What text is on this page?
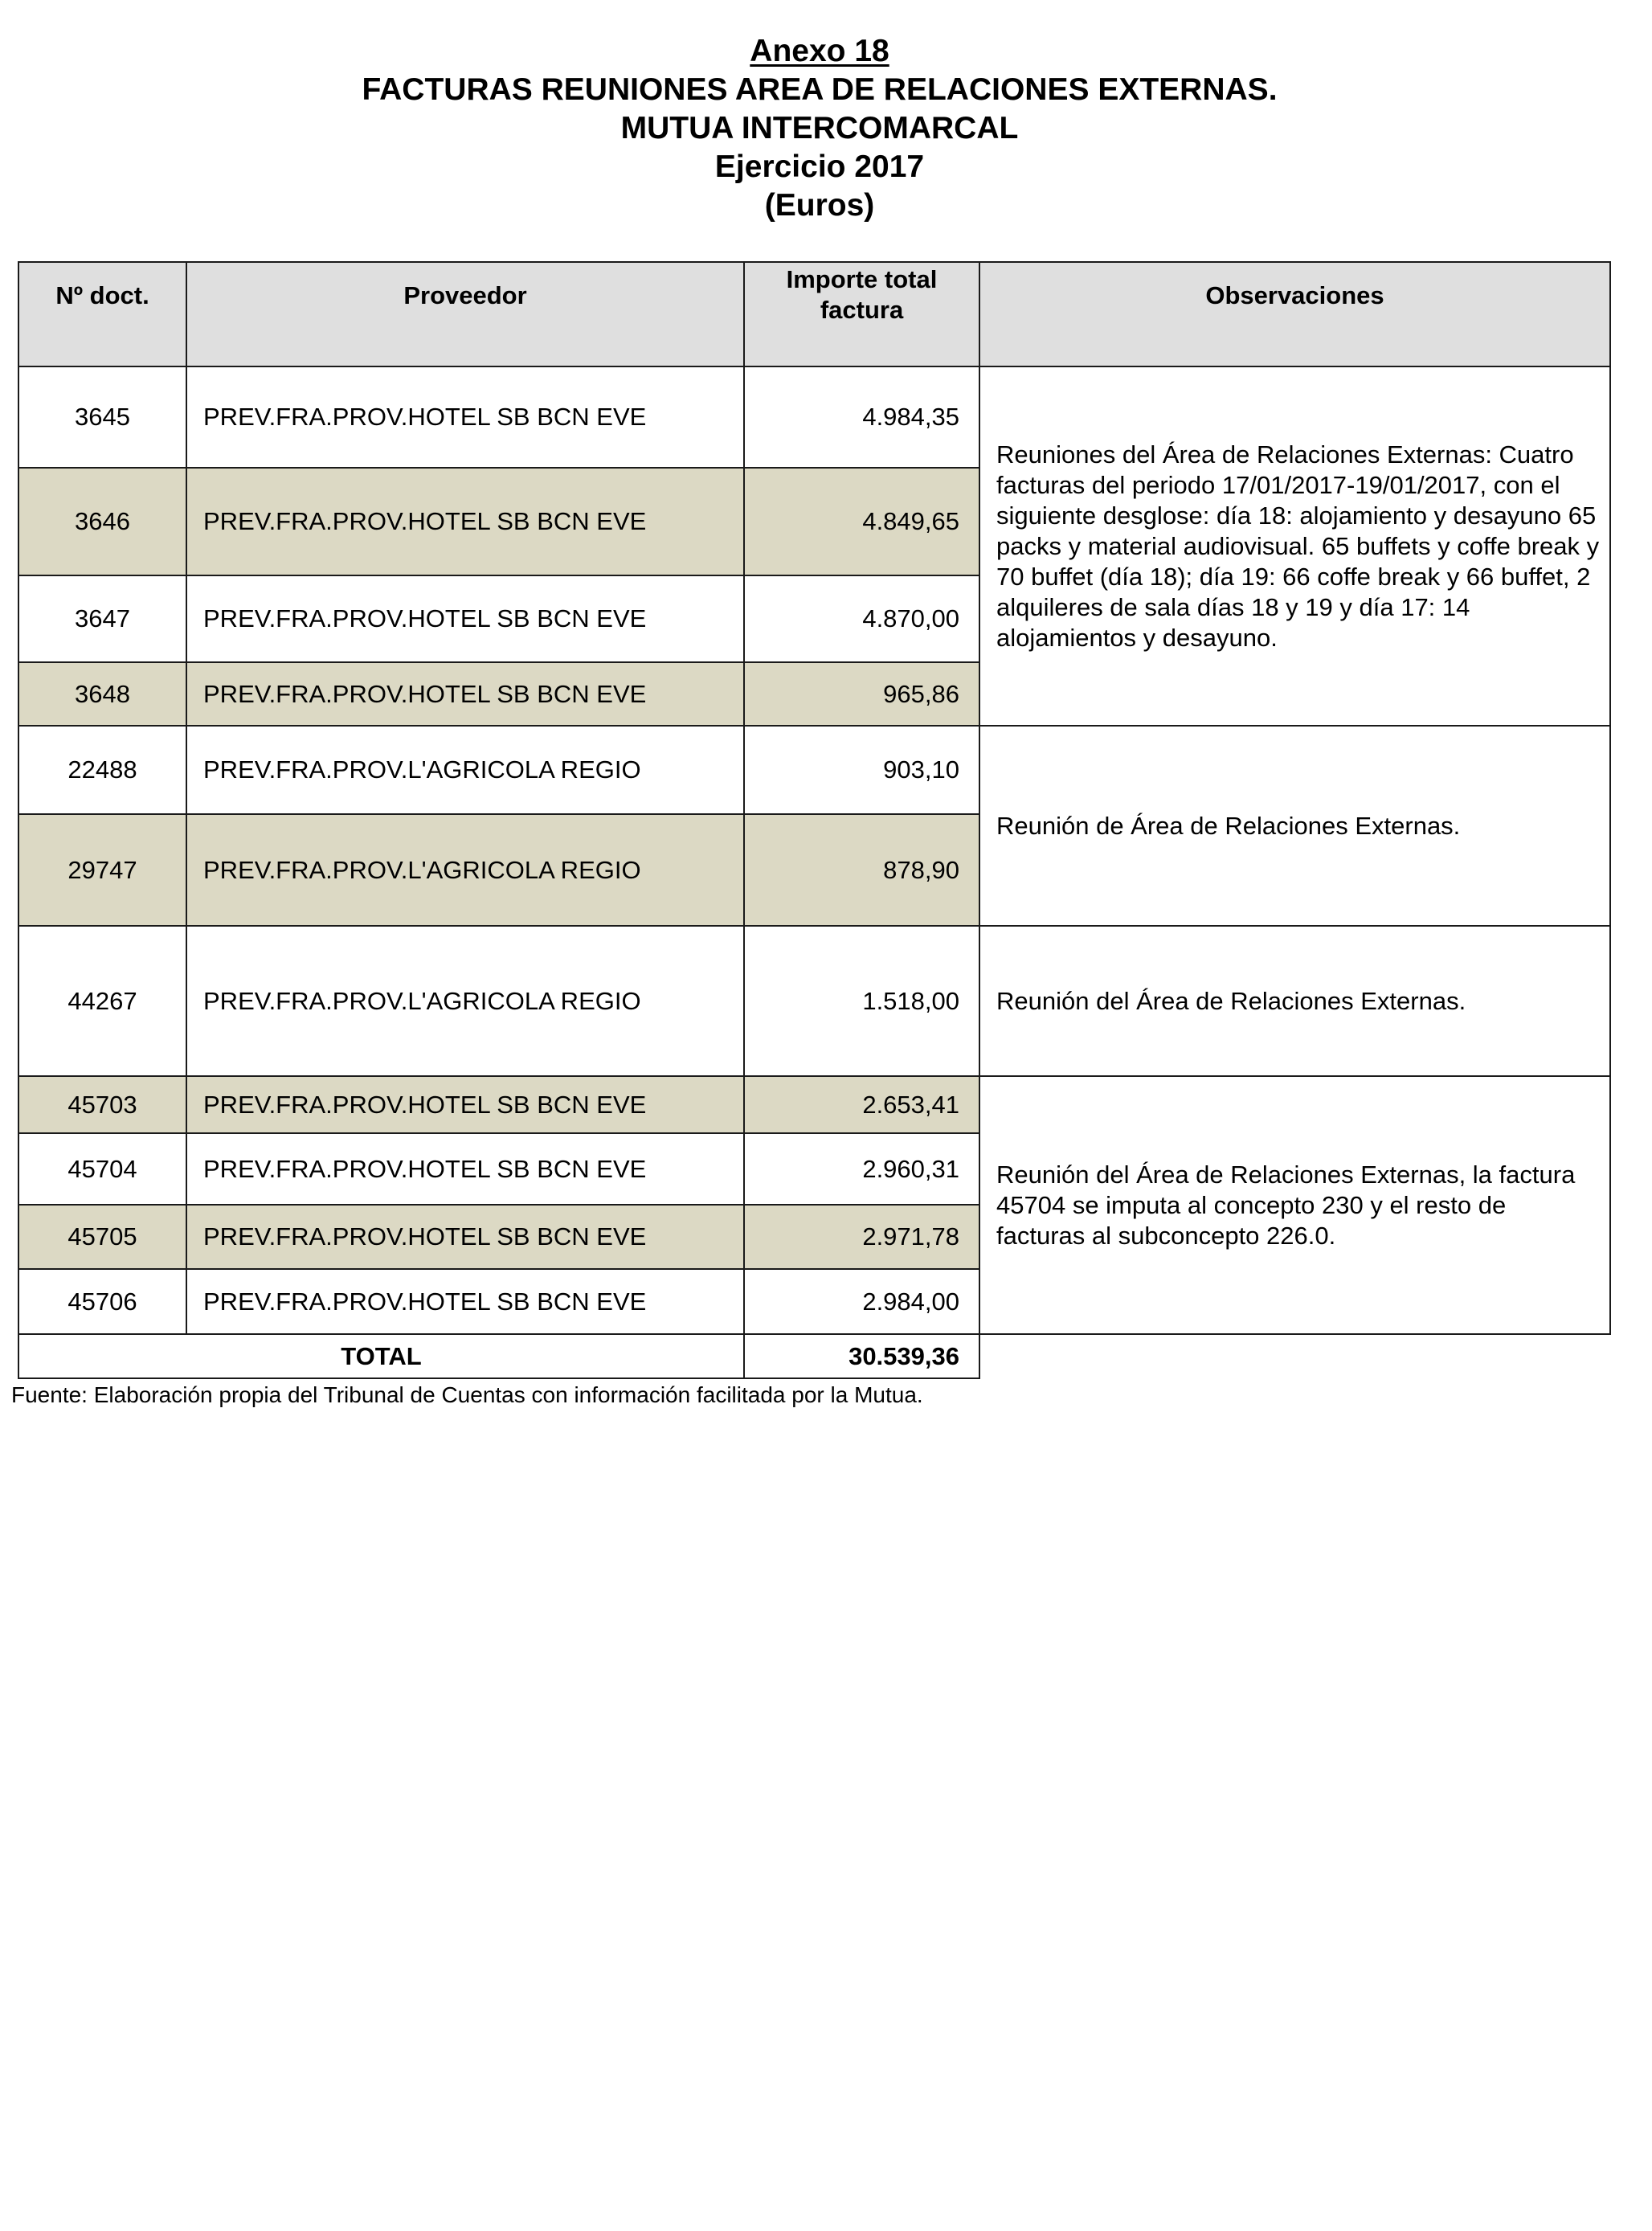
Anexo 18
FACTURAS REUNIONES AREA DE RELACIONES EXTERNAS.
MUTUA INTERCOMARCAL
Ejercicio 2017
(Euros)
Nº doct.	Proveedor	Importe total factura	Observaciones
3645	PREV.FRA.PROV.HOTEL SB BCN EVE	4.984,35	Reuniones del Área de Relaciones Externas: Cuatro facturas del periodo 17/01/2017-19/01/2017, con el siguiente desglose: día 18: alojamiento y desayuno 65 packs y material audiovisual. 65 buffets y coffe break y 70 buffet (día 18); día 19: 66 coffe break y 66 buffet, 2 alquileres de sala días 18 y 19 y día 17: 14 alojamientos y desayuno.
3646	PREV.FRA.PROV.HOTEL SB BCN EVE	4.849,65	
3647	PREV.FRA.PROV.HOTEL SB BCN EVE	4.870,00	
3648	PREV.FRA.PROV.HOTEL SB BCN EVE	965,86	
22488	PREV.FRA.PROV.L'AGRICOLA REGIO	903,10	Reunión de Área de Relaciones Externas.
29747	PREV.FRA.PROV.L'AGRICOLA REGIO	878,90	
44267	PREV.FRA.PROV.L'AGRICOLA REGIO	1.518,00	Reunión del Área de Relaciones Externas.
45703	PREV.FRA.PROV.HOTEL SB BCN EVE	2.653,41	Reunión del Área de Relaciones Externas, la factura 45704 se imputa al concepto 230 y el resto de facturas al subconcepto 226.0.
45704	PREV.FRA.PROV.HOTEL SB BCN EVE	2.960,31	
45705	PREV.FRA.PROV.HOTEL SB BCN EVE	2.971,78	
45706	PREV.FRA.PROV.HOTEL SB BCN EVE	2.984,00	
TOTAL		30.539,36	
Fuente: Elaboración propia del Tribunal de Cuentas con información facilitada por la Mutua.
